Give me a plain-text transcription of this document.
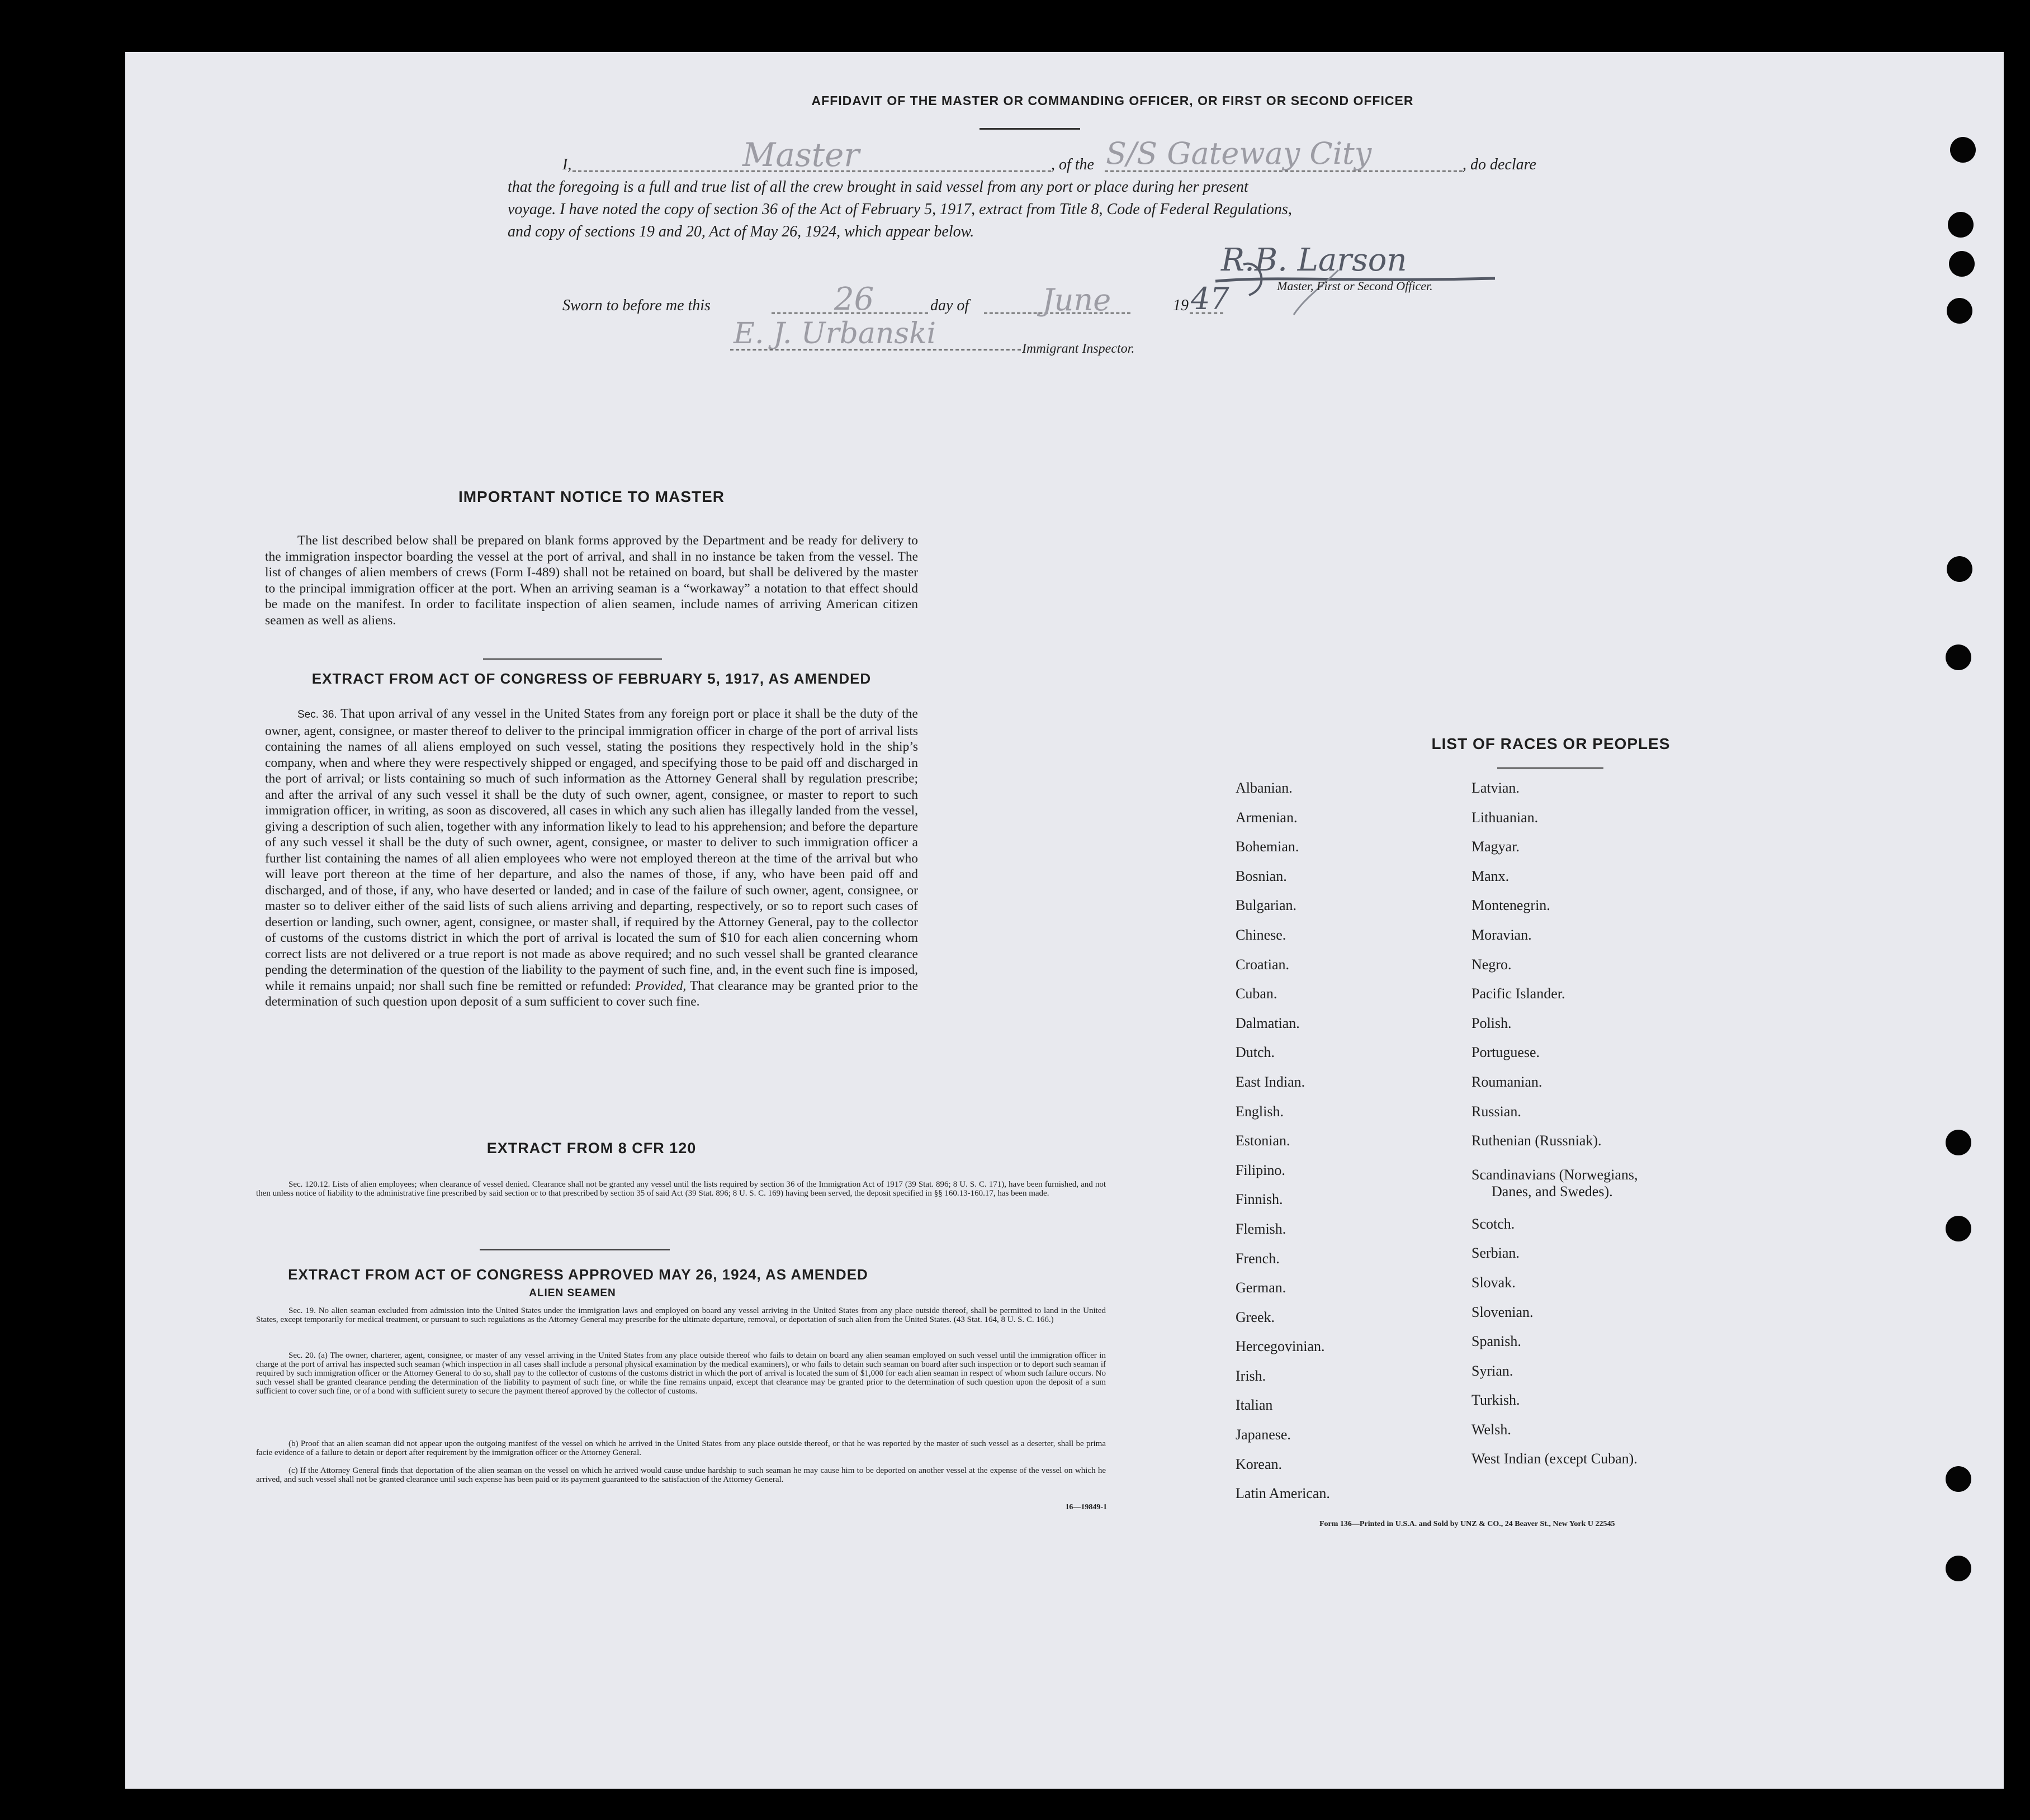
AFFIDAVIT OF THE MASTER OR COMMANDING OFFICER, OR FIRST OR SECOND OFFICER
I,	Master	, of the S/S Gateway City	, do declare
that the foregoing is a full and true list of all the crew brought in said vessel from any port or place during her present
voyage. I have noted the copy of section 36 of the Act of February 5, 1917, extract from Title 8, Code of Federal Regulations,
and copy of sections 19 and 20, Act of May 26, 1924, which appear below.
R.B. Larson
Master, First or Second Officer.
Sworn to before me this	26	day of June	19 47
E. J. Urbanski	Immigrant Inspector.
IMPORTANT NOTICE TO MASTER
The list described below shall be prepared on blank forms approved by the Department and be ready for delivery to the immigration inspector boarding the vessel at the port of arrival, and shall in no instance be taken from the vessel. The list of changes of alien members of crews (Form I-489) shall not be retained on board, but shall be delivered by the master to the principal immigration officer at the port. When an arriving seaman is a “workaway” a notation to that effect should be made on the manifest. In order to facilitate inspection of alien seamen, include names of arriving American citizen seamen as well as aliens.
EXTRACT FROM ACT OF CONGRESS OF FEBRUARY 5, 1917, AS AMENDED
Sec. 36. That upon arrival of any vessel in the United States from any foreign port or place it shall be the duty of the owner, agent, consignee, or master thereof to deliver to the principal immigration officer in charge of the port of arrival lists containing the names of all aliens employed on such vessel, stating the positions they respectively hold in the ship’s company, when and where they were respectively shipped or engaged, and specifying those to be paid off and discharged in the port of arrival; or lists containing so much of such information as the Attorney General shall by regulation prescribe; and after the arrival of any such vessel it shall be the duty of such owner, agent, consignee, or master to report to such immigration officer, in writing, as soon as discovered, all cases in which any such alien has illegally landed from the vessel, giving a description of such alien, together with any information likely to lead to his apprehension; and before the departure of any such vessel it shall be the duty of such owner, agent, consignee, or master to deliver to such immigration officer a further list containing the names of all alien employees who were not employed thereon at the time of the arrival but who will leave port thereon at the time of her departure, and also the names of those, if any, who have been paid off and discharged, and of those, if any, who have deserted or landed; and in case of the failure of such owner, agent, consignee, or master so to deliver either of the said lists of such aliens arriving and departing, respectively, or so to report such cases of desertion or landing, such owner, agent, consignee, or master shall, if required by the Attorney General, pay to the collector of customs of the customs district in which the port of arrival is located the sum of $10 for each alien concerning whom correct lists are not delivered or a true report is not made as above required; and no such vessel shall be granted clearance pending the determination of the question of the liability to the payment of such fine, and, in the event such fine is imposed, while it remains unpaid; nor shall such fine be remitted or refunded: Provided, That clearance may be granted prior to the determination of such question upon deposit of a sum sufficient to cover such fine.
EXTRACT FROM 8 CFR 120
Sec. 120.12. Lists of alien employees; when clearance of vessel denied. Clearance shall not be granted any vessel until the lists required by section 36 of the Immigration Act of 1917 (39 Stat. 896; 8 U. S. C. 171), have been furnished, and not then unless notice of liability to the administrative fine prescribed by said section or to that prescribed by section 35 of said Act (39 Stat. 896; 8 U. S. C. 169) having been served, the deposit specified in §§ 160.13-160.17, has been made.
EXTRACT FROM ACT OF CONGRESS APPROVED MAY 26, 1924, AS AMENDED
ALIEN SEAMEN
Sec. 19. No alien seaman excluded from admission into the United States under the immigration laws and employed on board any vessel arriving in the United States from any place outside thereof, shall be permitted to land in the United States, except temporarily for medical treatment, or pursuant to such regulations as the Attorney General may prescribe for the ultimate departure, removal, or deportation of such alien from the United States. (43 Stat. 164, 8 U. S. C. 166.)
Sec. 20. (a) The owner, charterer, agent, consignee, or master of any vessel arriving in the United States from any place outside thereof who fails to detain on board any alien seaman employed on such vessel until the immigration officer in charge at the port of arrival has inspected such seaman (which inspection in all cases shall include a personal physical examination by the medical examiners), or who fails to detain such seaman on board after such inspection or to deport such seaman if required by such immigration officer or the Attorney General to do so, shall pay to the collector of customs of the customs district in which the port of arrival is located the sum of $1,000 for each alien seaman in respect of whom such failure occurs. No such vessel shall be granted clearance pending the determination of the liability to payment of such fine, or while the fine remains unpaid, except that clearance may be granted prior to the determination of such question upon the deposit of a sum sufficient to cover such fine, or of a bond with sufficient surety to secure the payment thereof approved by the collector of customs.
(b) Proof that an alien seaman did not appear upon the outgoing manifest of the vessel on which he arrived in the United States from any place outside thereof, or that he was reported by the master of such vessel as a deserter, shall be prima facie evidence of a failure to detain or deport after requirement by the immigration officer or the Attorney General.
(c) If the Attorney General finds that deportation of the alien seaman on the vessel on which he arrived would cause undue hardship to such seaman he may cause him to be deported on another vessel at the expense of the vessel on which he arrived, and such vessel shall not be granted clearance until such expense has been paid or its payment guaranteed to the satisfaction of the Attorney General.
16—19849-1
LIST OF RACES OR PEOPLES
Albanian.
Armenian.
Bohemian.
Bosnian.
Bulgarian.
Chinese.
Croatian.
Cuban.
Dalmatian.
Dutch.
East Indian.
English.
Estonian.
Filipino.
Finnish.
Flemish.
French.
German.
Greek.
Hercegovinian.
Irish.
Italian
Japanese.
Korean.
Latin American.
Latvian.
Lithuanian.
Magyar.
Manx.
Montenegrin.
Moravian.
Negro.
Pacific Islander.
Polish.
Portuguese.
Roumanian.
Russian.
Ruthenian (Russniak).
Scandinavians (Norwegians,
Danes, and Swedes).
Scotch.
Serbian.
Slovak.
Slovenian.
Spanish.
Syrian.
Turkish.
Welsh.
West Indian (except Cuban).
Form 136—Printed in U.S.A. and Sold by UNZ & CO., 24 Beaver St., New York U 22545
